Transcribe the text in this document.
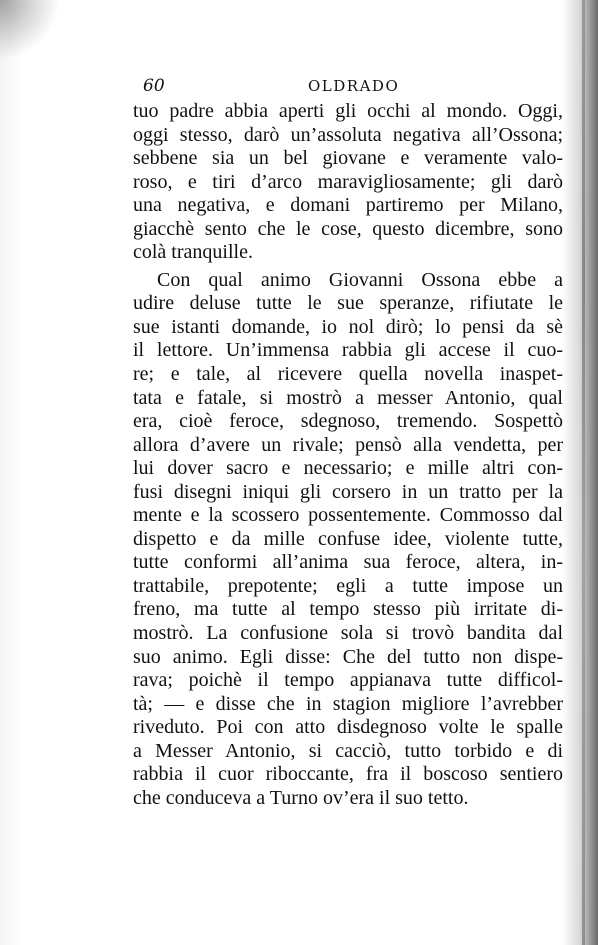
60	OLDRADO
tuo padre abbia aperti gli occhi al mondo. Oggi,
oggi stesso, darò un’assoluta negativa all’Ossona;
sebbene sia un bel giovane e veramente valo-
roso, e tiri d’arco maravigliosamente; gli darò
una negativa, e domani partiremo per Milano,
giacchè sento che le cose, questo dicembre, sono
colà tranquille.
Con qual animo Giovanni Ossona ebbe a
udire deluse tutte le sue speranze, rifiutate le
sue istanti domande, io nol dirò; lo pensi da sè
il lettore. Un’immensa rabbia gli accese il cuo-
re; e tale, al ricevere quella novella inaspet-
tata e fatale, si mostrò a messer Antonio, qual
era, cioè feroce, sdegnoso, tremendo. Sospettò
allora d’avere un rivale; pensò alla vendetta, per
lui dover sacro e necessario; e mille altri con-
fusi disegni iniqui gli corsero in un tratto per la
mente e la scossero possentemente. Commosso dal
dispetto e da mille confuse idee, violente tutte,
tutte conformi all’anima sua feroce, altera, in-
trattabile, prepotente; egli a tutte impose un
freno, ma tutte al tempo stesso più irritate di-
mostrò. La confusione sola si trovò bandita dal
suo animo. Egli disse: Che del tutto non dispe-
rava; poichè il tempo appianava tutte difficol-
tà; — e disse che in stagion migliore l’avrebber
riveduto. Poi con atto disdegnoso volte le spalle
a Messer Antonio, si cacciò, tutto torbido e di
rabbia il cuor riboccante, fra il boscoso sentiero
che conduceva a Turno ov’era il suo tetto.
